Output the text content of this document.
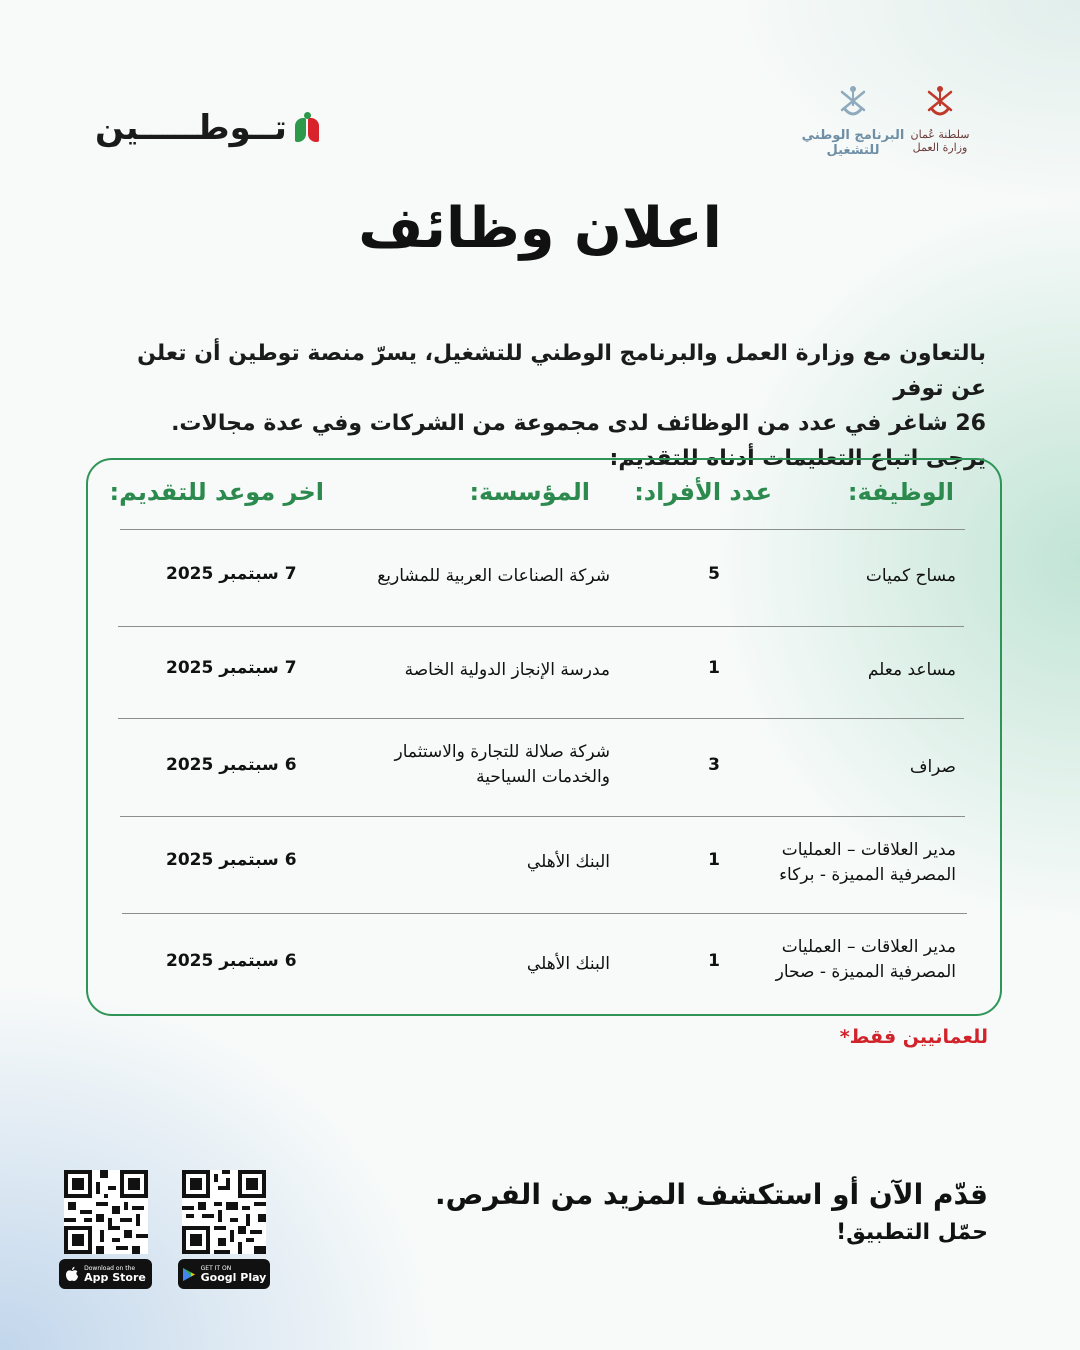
تــوطـــــين	البرنامج الوطني
للتشغيل
سلطنة عُمان
وزارة العمل
اعلان وظائف

بالتعاون مع وزارة العمل والبرنامج الوطني للتشغيل، يسرّ منصة توطين أن تعلن عن توفر

26 شاغر في عدد من الوظائف لدى مجموعة من الشركات وفي عدة مجالات.

يرجى اتباع التعليمات أدناه للتقديم:

الوظيفة:
عدد الأفراد:
المؤسسة:
اخر موعد للتقديم:
مساح كميات
5
شركة الصناعات العربية للمشاريع
7 سبتمبر 2025
مساعد معلم
1
مدرسة الإنجاز الدولية الخاصة
7 سبتمبر 2025
صراف
3
شركة صلالة للتجارة والاستثمار
والخدمات السياحية
6 سبتمبر 2025
مدير العلاقات – العمليات
المصرفية المميزة - بركاء
1
البنك الأهلي
6 سبتمبر 2025
مدير العلاقات – العمليات
المصرفية المميزة - صحار
1
البنك الأهلي
6 سبتمبر 2025
للعمانيين فقط*
قدّم الآن أو استكشف المزيد من الفرص.
حمّل التطبيق!
GET IT ON
Googl Play
Download on the
App Store
